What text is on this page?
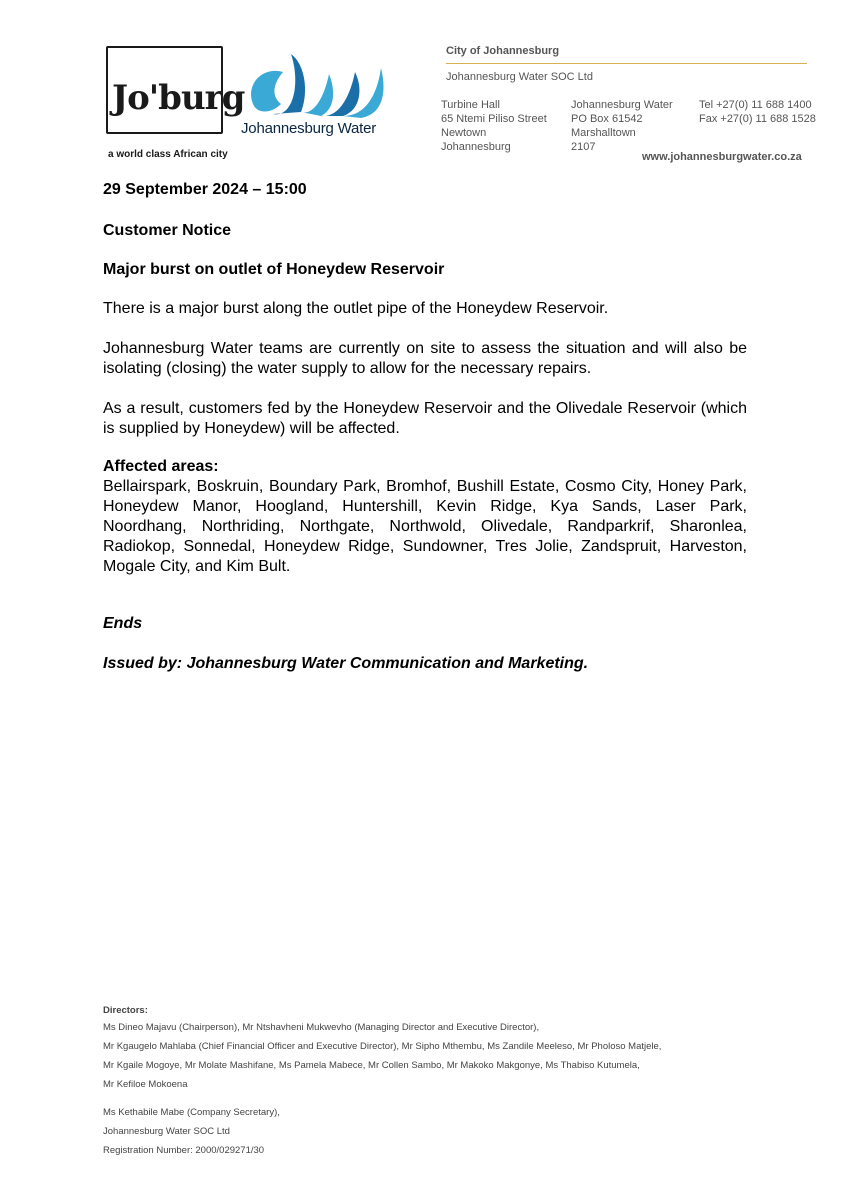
Jo'burg
a world class African city
Johannesburg Water
City of Johannesburg
Johannesburg Water SOC Ltd
Turbine Hall
65 Ntemi Piliso Street
Newtown
Johannesburg
Johannesburg Water
PO Box 61542
Marshalltown
2107
Tel +27(0) 11 688 1400
Fax +27(0) 11 688 1528
www.johannesburgwater.co.za
29 September 2024 – 15:00
Customer Notice
Major burst on outlet of Honeydew Reservoir
There is a major burst along the outlet pipe of the Honeydew Reservoir.
Johannesburg Water teams are currently on site to assess the situation and will also be isolating (closing) the water supply to allow for the necessary repairs.
As a result, customers fed by the Honeydew Reservoir and the Olivedale Reservoir (which is supplied by Honeydew) will be affected.
Affected areas:
Bellairspark, Boskruin, Boundary Park, Bromhof, Bushill Estate, Cosmo City, Honey Park, Honeydew Manor, Hoogland, Huntershill, Kevin Ridge, Kya Sands, Laser Park, Noordhang, Northriding, Northgate, Northwold, Olivedale, Randparkrif, Sharonlea, Radiokop, Sonnedal, Honeydew Ridge, Sundowner, Tres Jolie, Zandspruit, Harveston, Mogale City, and Kim Bult.
Ends
Issued by: Johannesburg Water Communication and Marketing.
Directors:
Ms Dineo Majavu (Chairperson), Mr Ntshavheni Mukwevho (Managing Director and Executive Director),
Mr Kgaugelo Mahlaba (Chief Financial Officer and Executive Director), Mr Sipho Mthembu, Ms Zandile Meeleso, Mr Pholoso Matjele,
Mr Kgaile Mogoye, Mr Molate Mashifane, Ms Pamela Mabece, Mr Collen Sambo, Mr Makoko Makgonye, Ms Thabiso Kutumela,
Mr Kefiloe Mokoena
Ms Kethabile Mabe (Company Secretary),
Johannesburg Water SOC Ltd
Registration Number: 2000/029271/30
